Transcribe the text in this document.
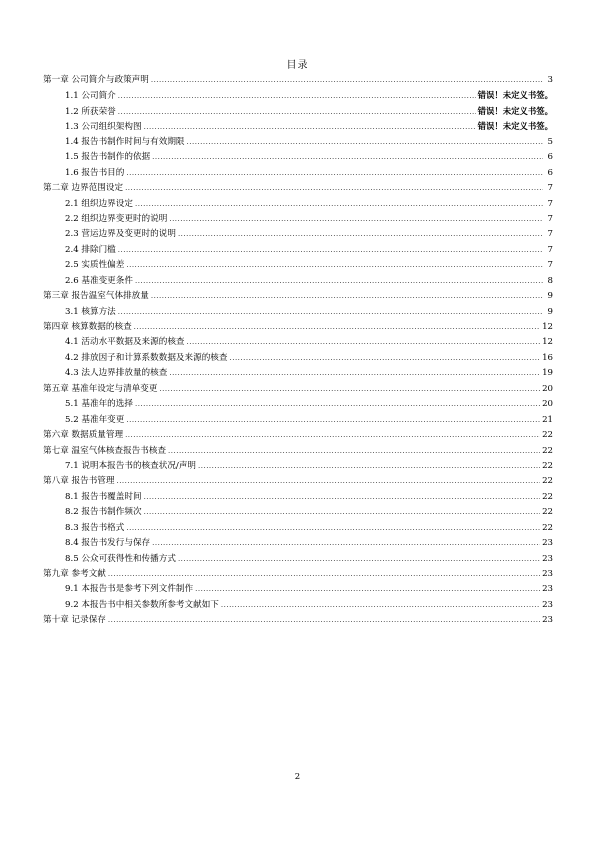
目录
第一章 公司简介与政策声明 .....	3
1.1 公司简介 .....	错误！未定义书签。
1.2 所获荣誉 .....	错误！未定义书签。
1.3 公司组织架构图 .....	错误！未定义书签。
1.4 报告书制作时间与有效期限 .....	5
1.5 报告书制作的依据 .....	6
1.6 报告书目的 .....	6
第二章 边界范围设定 .....	7
2.1 组织边界设定 .....	7
2.2 组织边界变更时的说明 .....	7
2.3 营运边界及变更时的说明 .....	7
2.4 排除门槛 .....	7
2.5 实质性偏差 .....	7
2.6 基准变更条件 .....	8
第三章 报告温室气体排放量 .....	9
3.1 核算方法 .....	9
第四章 核算数据的核查 .....	12
4.1 活动水平数据及来源的核查 .....	12
4.2 排放因子和计算系数数据及来源的核查 .....	16
4.3 法人边界排放量的核查 .....	19
第五章 基准年设定与清单变更 .....	20
5.1 基准年的选择 .....	20
5.2 基准年变更 .....	21
第六章 数据质量管理 .....	22
第七章 温室气体核查报告书核查 .....	22
7.1 说明本报告书的核查状况/声明 .....	22
第八章 报告书管理 .....	22
8.1 报告书覆盖时间 .....	22
8.2 报告书制作频次 .....	22
8.3 报告书格式 .....	22
8.4 报告书发行与保存 .....	23
8.5 公众可获得性和传播方式 .....	23
第九章 参考文献 .....	23
9.1 本报告书是参考下列文件制作 .....	23
9.2 本报告书中相关参数所参考文献如下 .....	23
第十章 记录保存 .....	23
2
